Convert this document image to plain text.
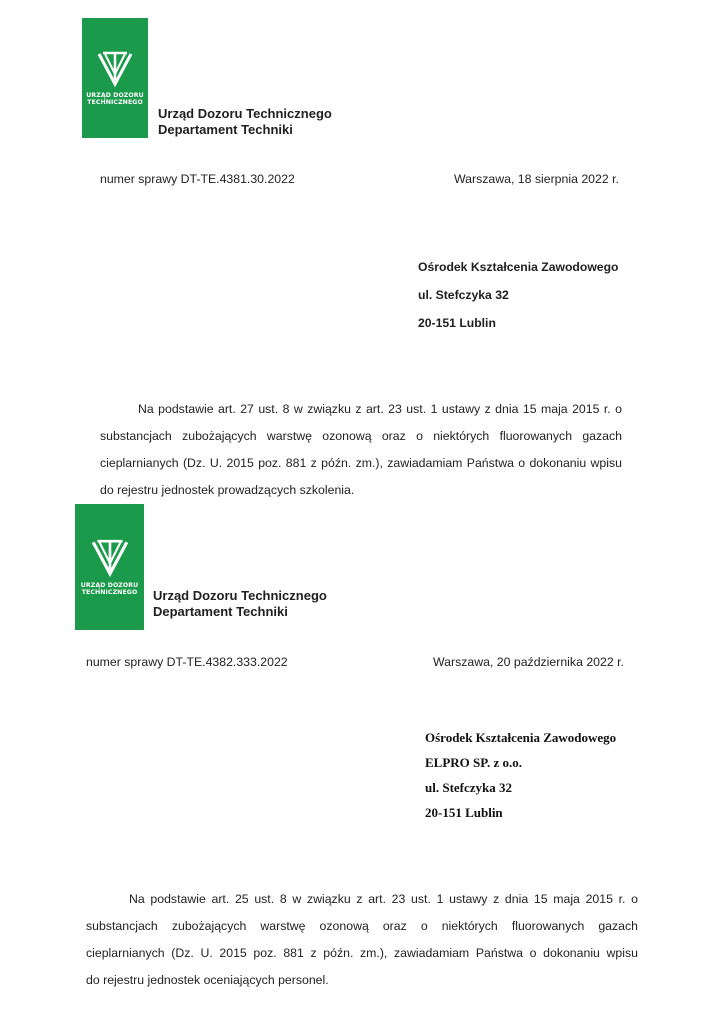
URZĄD DOZORU
TECHNICZNEGO
Urząd Dozoru Technicznego
Departament Techniki
numer sprawy DT-TE.4381.30.2022	Warszawa, 18 sierpnia 2022 r.
Ośrodek Kształcenia Zawodowego
ul. Stefczyka 32
20-151 Lublin
Na podstawie art. 27 ust. 8 w związku z art. 23 ust. 1 ustawy z dnia 15 maja 2015 r. o
substancjach zubożających warstwę ozonową oraz o niektórych fluorowanych gazach
cieplarnianych (Dz. U. 2015 poz. 881 z późn. zm.), zawiadamiam Państwa o dokonaniu wpisu
do rejestru jednostek prowadzących szkolenia.
URZĄD DOZORU
TECHNICZNEGO Urząd Dozoru Technicznego
Departament Techniki
numer sprawy DT-TE.4382.333.2022	Warszawa, 20 października 2022 r.
Ośrodek Kształcenia Zawodowego
ELPRO SP. z o.o.
ul. Stefczyka 32
20-151 Lublin
Na podstawie art. 25 ust. 8 w związku z art. 23 ust. 1 ustawy z dnia 15 maja 2015 r. o
substancjach zubożających warstwę ozonową oraz o niektórych fluorowanych gazach
cieplarnianych (Dz. U. 2015 poz. 881 z późn. zm.), zawiadamiam Państwa o dokonaniu wpisu
do rejestru jednostek oceniających personel.
